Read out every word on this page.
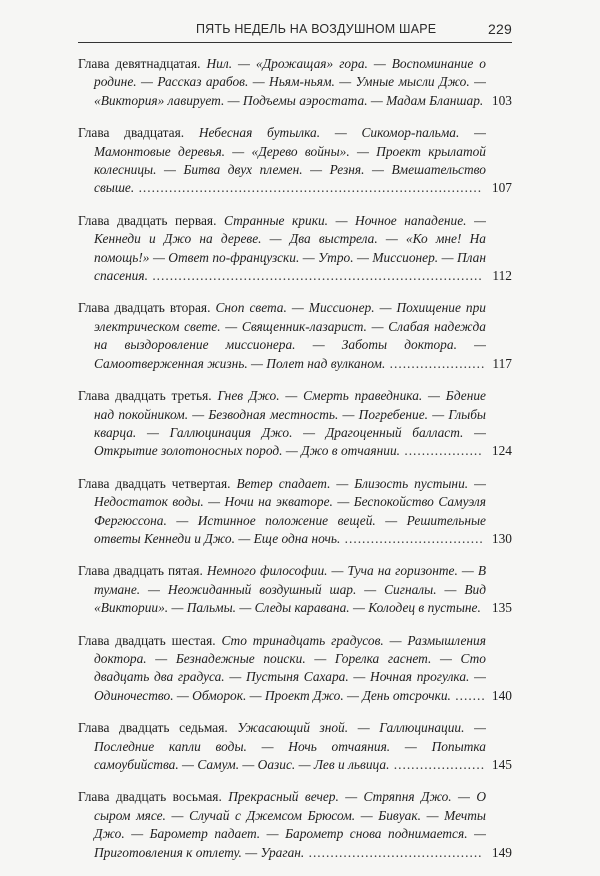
ПЯТЬ НЕДЕЛЬ НА ВОЗДУШНОМ ШАРЕ	229
Глава девятнадцатая. Нил. — «Дрожащая» гора. — Воспоминание о родине. — Рассказ арабов. — Ньям-ньям. — Умные мысли Джо. — «Виктория» лавирует. — Подъемы аэростата. — Мадам Бланшар. 103
Глава двадцатая. Небесная бутылка. — Сикомор-пальма. — Мамонтовые деревья. — «Дерево войны». — Проект крылатой колесницы. — Битва двух племен. — Резня. — Вмешательство свыше. ............................................................................... 107
Глава двадцать первая. Странные крики. — Ночное нападение. — Кеннеди и Джо на дереве. — Два выстрела. — «Ко мне! На помощь!» — Ответ по-французски. — Утро. — Миссионер. — План спасения. ............................................................................ 112
Глава двадцать вторая. Сноп света. — Миссионер. — Похищение при электрическом свете. — Священник-лазарист. — Слабая надежда на выздоровление миссионера. — Заботы доктора. — Самоотверженная жизнь. — Полет над вулканом. ...................... 117
Глава двадцать третья. Гнев Джо. — Смерть праведника. — Бдение над покойником. — Безводная местность. — Погребение. — Глыбы кварца. — Галлюцинация Джо. — Драгоценный балласт. — Открытие золотоносных пород. — Джо в отчаянии. .................. 124
Глава двадцать четвертая. Ветер спадает. — Близость пустыни. — Недостаток воды. — Ночи на экваторе. — Беспокойство Самуэля Фергюссона. — Истинное положение вещей. — Решительные ответы Кеннеди и Джо. — Еще одна ночь. ................................ 130
Глава двадцать пятая. Немного философии. — Туча на горизонте. — В тумане. — Неожиданный воздушный шар. — Сигналы. — Вид «Виктории». — Пальмы. — Следы каравана. — Колодец в пустыне. 135
Глава двадцать шестая. Сто тринадцать градусов. — Размышления доктора. — Безнадежные поиски. — Горелка гаснет. — Сто двадцать два градуса. — Пустыня Сахара. — Ночная прогулка. — Одиночество. — Обморок. — Проект Джо. — День отсрочки. ....... 140
Глава двадцать седьмая. Ужасающий зной. — Галлюцинации. — Последние капли воды. — Ночь отчаяния. — Попытка самоубийства. — Самум. — Оазис. — Лев и львица. ..................... 145
Глава двадцать восьмая. Прекрасный вечер. — Стряпня Джо. — О сыром мясе. — Случай с Джемсом Брюсом. — Бивуак. — Мечты Джо. — Барометр падает. — Барометр снова поднимается. — Приготовления к отлету. — Ураган. ........................................ 149
